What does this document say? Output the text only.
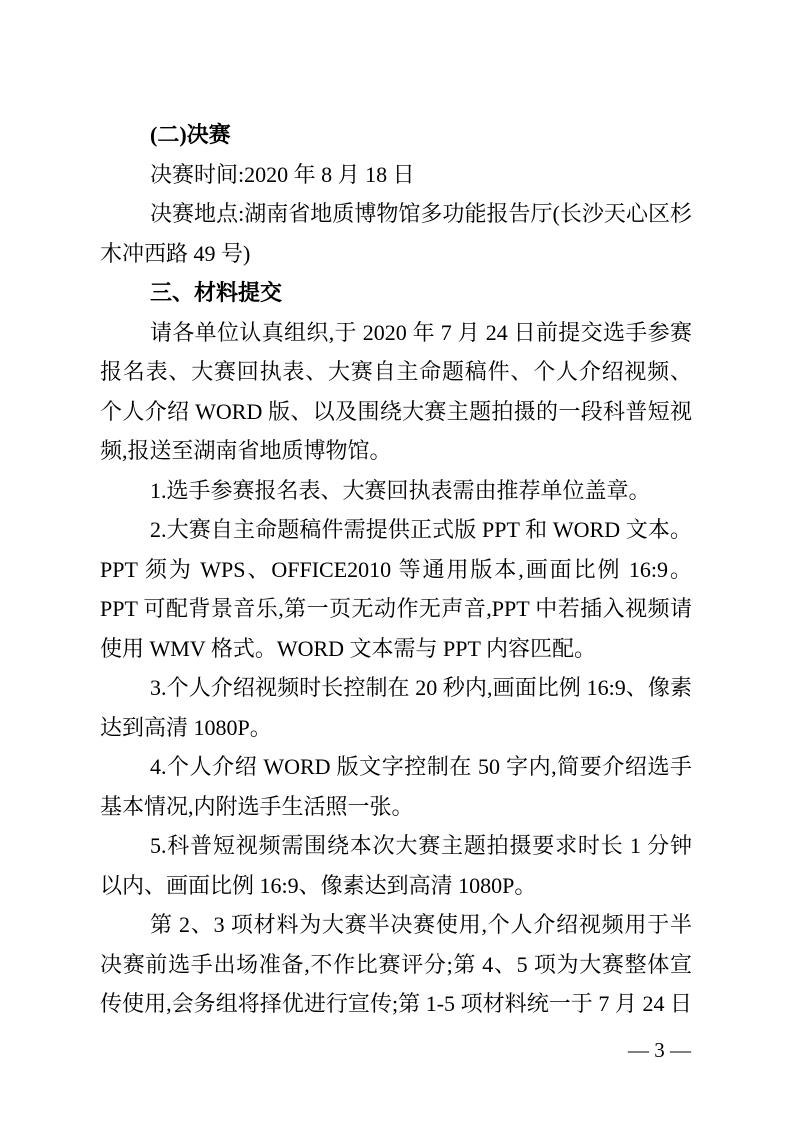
(二)决赛

决赛时间:2020 年 8 月 18 日

决赛地点:湖南省地质博物馆多功能报告厅(长沙天心区杉木冲西路 49 号)

三、材料提交

请各单位认真组织,于 2020 年 7 月 24 日前提交选手参赛报名表、大赛回执表、大赛自主命题稿件、个人介绍视频、个人介绍 WORD 版、以及围绕大赛主题拍摄的一段科普短视频,报送至湖南省地质博物馆。

1.选手参赛报名表、大赛回执表需由推荐单位盖章。

2.大赛自主命题稿件需提供正式版 PPT 和 WORD 文本。PPT 须为 WPS、OFFICE2010 等通用版本,画面比例 16:9。PPT 可配背景音乐,第一页无动作无声音,PPT 中若插入视频请使用 WMV 格式。WORD 文本需与 PPT 内容匹配。

3.个人介绍视频时长控制在 20 秒内,画面比例 16:9、像素达到高清 1080P。

4.个人介绍 WORD 版文字控制在 50 字内,简要介绍选手基本情况,内附选手生活照一张。

5.科普短视频需围绕本次大赛主题拍摄要求时长 1 分钟以内、画面比例 16:9、像素达到高清 1080P。

第 2、3 项材料为大赛半决赛使用,个人介绍视频用于半决赛前选手出场准备,不作比赛评分;第 4、5 项为大赛整体宣传使用,会务组将择优进行宣传;第 1-5 项材料统一于 7 月 24 日

— 3 —
